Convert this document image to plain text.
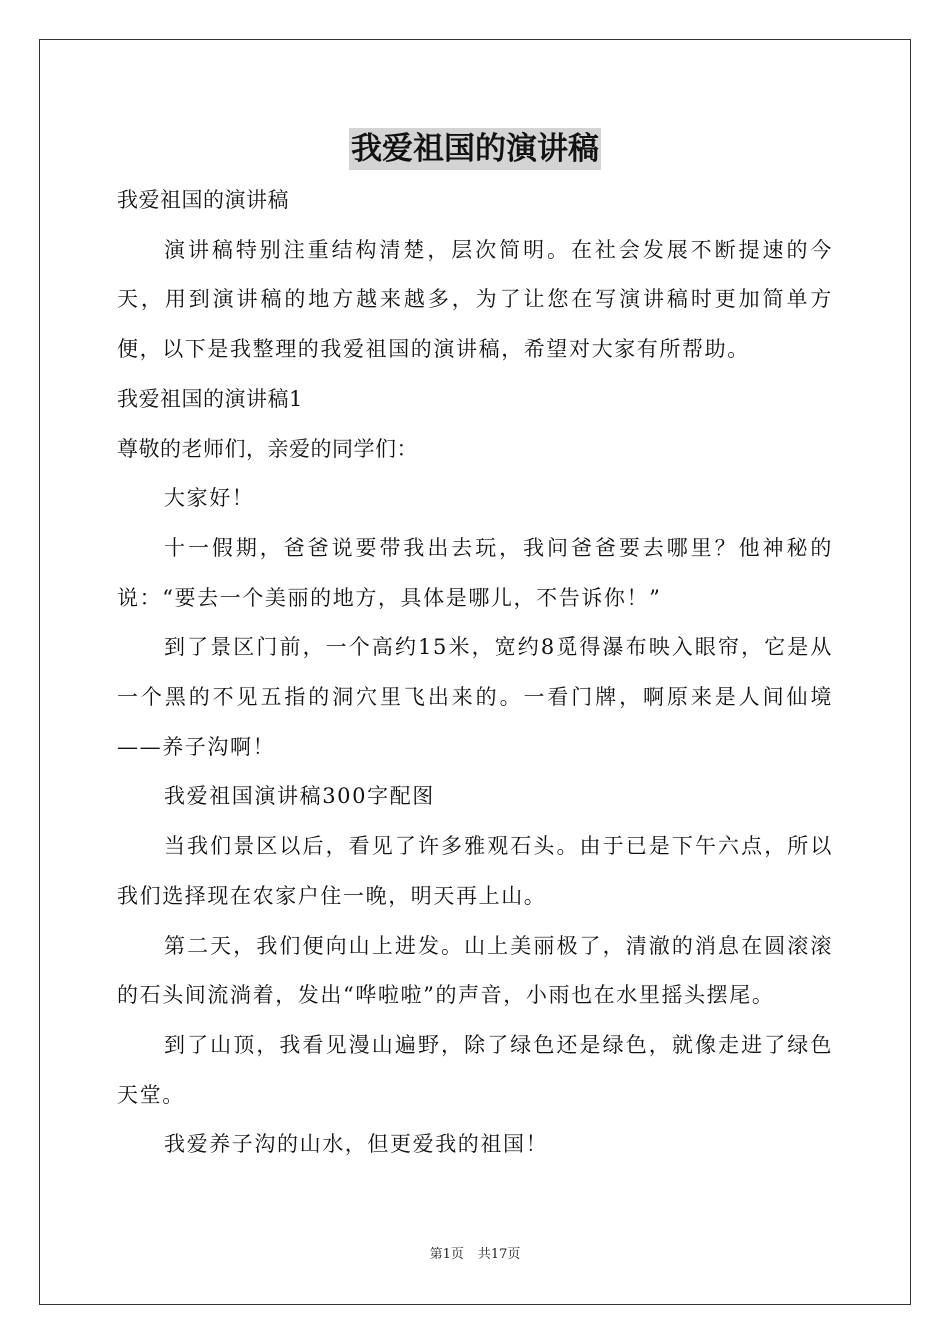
我爱祖国的演讲稿

我爱祖国的演讲稿

演讲稿特别注重结构清楚，层次简明。在社会发展不断提速的今天，用到演讲稿的地方越来越多，为了让您在写演讲稿时更加简单方便，以下是我整理的我爱祖国的演讲稿，希望对大家有所帮助。

我爱祖国的演讲稿1

尊敬的老师们，亲爱的同学们：

大家好！

十一假期，爸爸说要带我出去玩，我问爸爸要去哪里？他神秘的说：“要去一个美丽的地方，具体是哪儿，不告诉你！”

到了景区门前，一个高约15米，宽约8觅得瀑布映入眼帘，它是从一个黑的不见五指的洞穴里飞出来的。一看门牌，啊原来是人间仙境——养子沟啊！

我爱祖国演讲稿300字配图

当我们景区以后，看见了许多雅观石头。由于已是下午六点，所以我们选择现在农家户住一晚，明天再上山。

第二天，我们便向山上进发。山上美丽极了，清澈的消息在圆滚滚的石头间流淌着，发出“哗啦啦”的声音，小雨也在水里摇头摆尾。

到了山顶，我看见漫山遍野，除了绿色还是绿色，就像走进了绿色天堂。

我爱养子沟的山水，但更爱我的祖国！

第1页 共17页
